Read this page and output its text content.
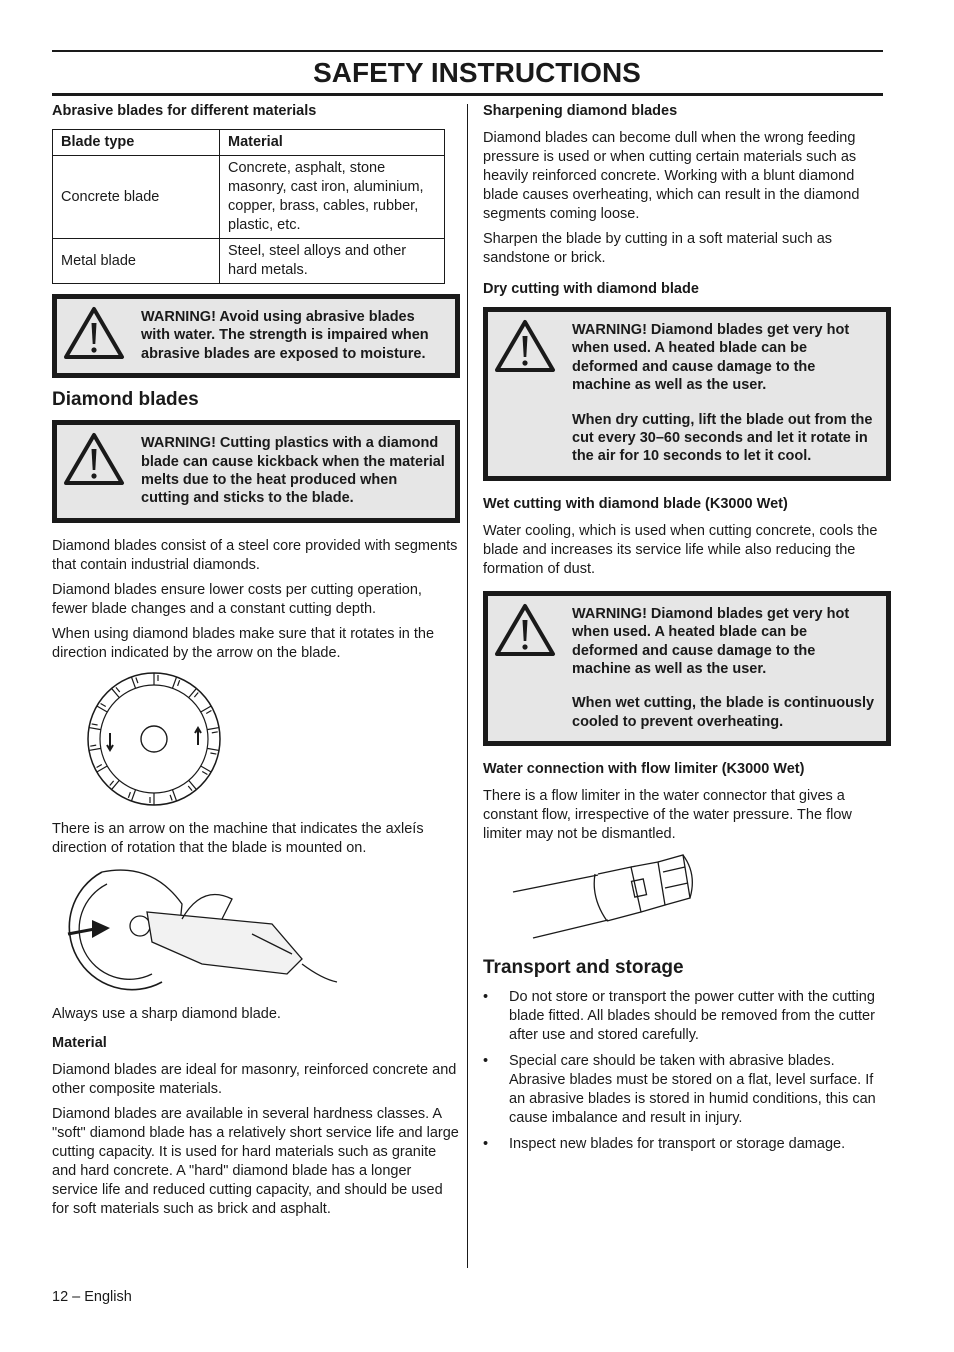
SAFETY INSTRUCTIONS

Abrasive blades for different materials

Blade type	Material
Concrete blade	Concrete, asphalt, stone masonry, cast iron, aluminium, copper, brass, cables, rubber, plastic, etc.
Metal blade	Steel, steel alloys and other hard metals.

WARNING! Avoid using abrasive blades with water. The strength is impaired when abrasive blades are exposed to moisture.

Diamond blades

WARNING! Cutting plastics with a diamond blade can cause kickback when the material melts due to the heat produced when cutting and sticks to the blade.

Diamond blades consist of a steel core provided with segments that contain industrial diamonds.

Diamond blades ensure lower costs per cutting operation, fewer blade changes and a constant cutting depth.

When using diamond blades make sure that it rotates in the direction indicated by the arrow on the blade.

There is an arrow on the machine that indicates the axleís direction of rotation that the blade is mounted on.

Always use a sharp diamond blade.

Material

Diamond blades are ideal for masonry, reinforced concrete and other composite materials.

Diamond blades are available in several hardness classes. A "soft" diamond blade has a relatively short service life and large cutting capacity. It is used for hard materials such as granite and hard concrete. A "hard" diamond blade has a longer service life and reduced cutting capacity, and should be used for soft materials such as brick and asphalt.

Sharpening diamond blades

Diamond blades can become dull when the wrong feeding pressure is used or when cutting certain materials such as heavily reinforced concrete. Working with a blunt diamond blade causes overheating, which can result in the diamond segments coming loose.

Sharpen the blade by cutting in a soft material such as sandstone or brick.

Dry cutting with diamond blade

WARNING! Diamond blades get very hot when used. A heated blade can be deformed and cause damage to the machine as well as the user.

When dry cutting, lift the blade out from the cut every 30–60 seconds and let it rotate in the air for 10 seconds to let it cool.

Wet cutting with diamond blade (K3000 Wet)

Water cooling, which is used when cutting concrete, cools the blade and increases its service life while also reducing the formation of dust.

WARNING! Diamond blades get very hot when used. A heated blade can be deformed and cause damage to the machine as well as the user.

When wet cutting, the blade is continuously cooled to prevent overheating.

Water connection with flow limiter (K3000 Wet)

There is a flow limiter in the water connector that gives a constant flow, irrespective of the water pressure. The flow limiter may not be dismantled.

Transport and storage

• Do not store or transport the power cutter with the cutting blade fitted. All blades should be removed from the cutter after use and stored carefully.
• Special care should be taken with abrasive blades. Abrasive blades must be stored on a flat, level surface. If an abrasive blades is stored in humid conditions, this can cause imbalance and result in injury.
• Inspect new blades for transport or storage damage.
12 – English
